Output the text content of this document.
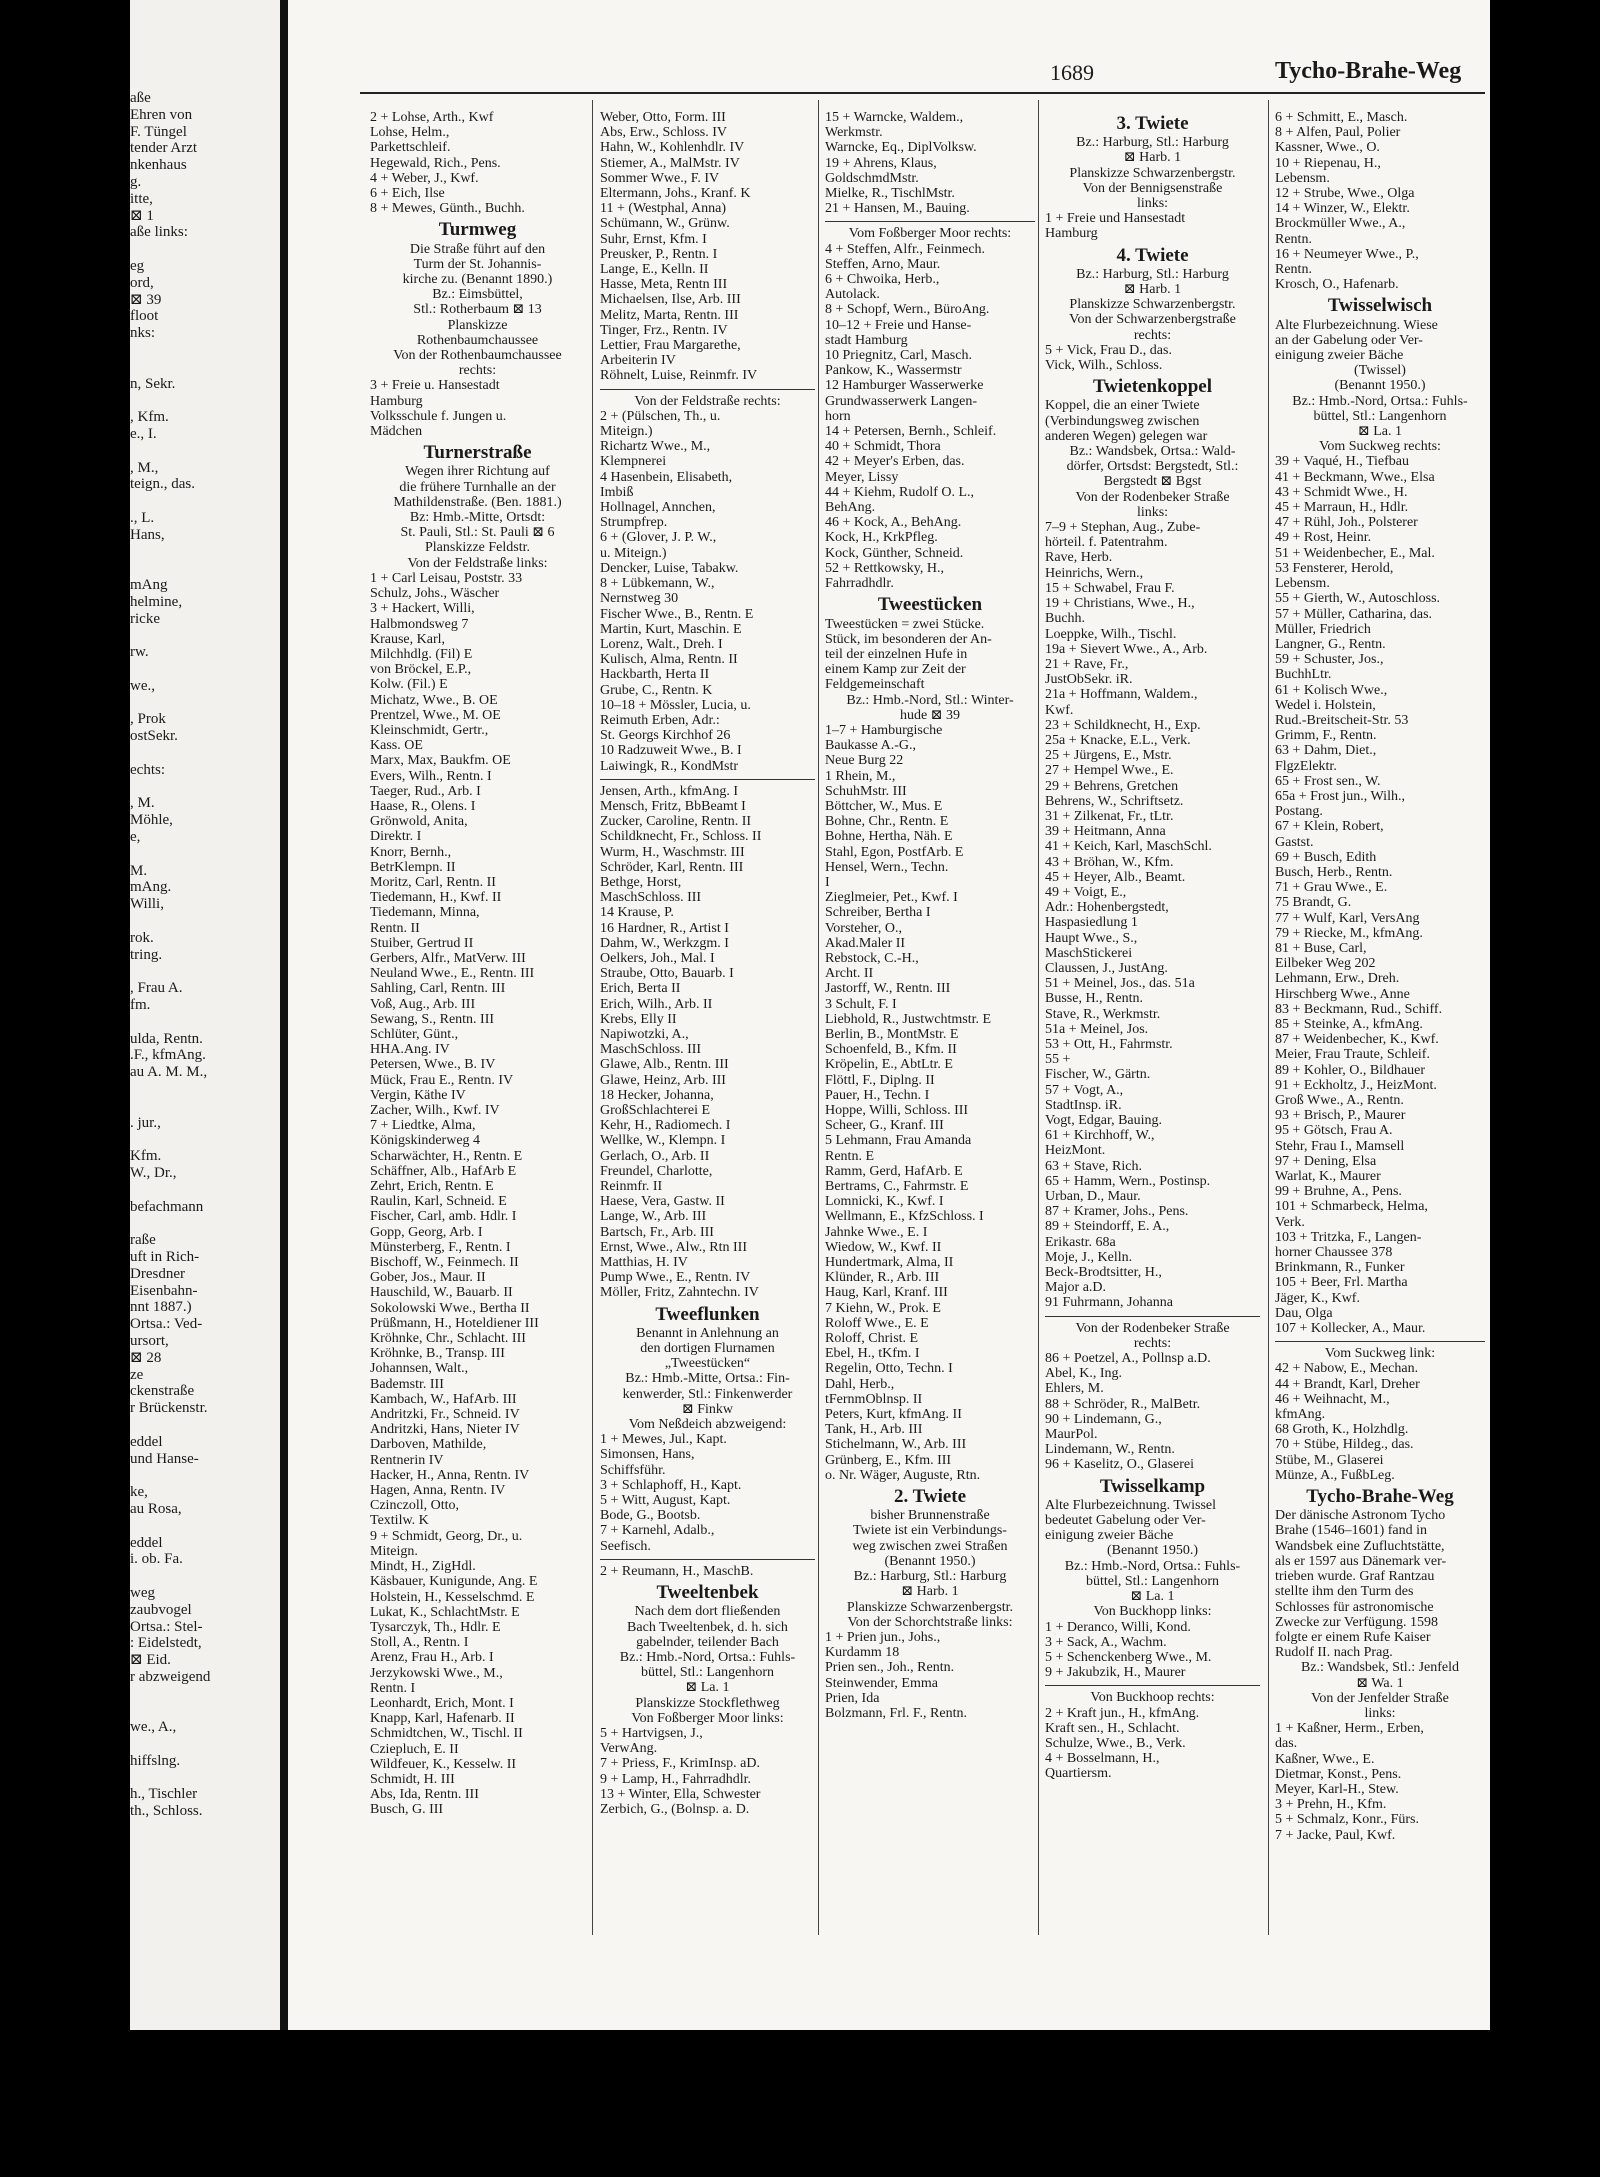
aße
Ehren von
F. Tüngel
tender Arzt
nkenhaus
g.
itte,
⊠ 1
aße links:

eg
ord,
⊠ 39
floot
nks:

n, Sekr.

, Kfm.
e., I.

, M.,
teign., das.

., L.
Hans,

mAng
helmine,
ricke

rw.

we.,

, Prok
ostSekr.

echts:

, M.
Möhle,
e,

M.
mAng.
Willi,

rok.
tring.

, Frau A.
fm.

ulda, Rentn.
.F., kfmAng.
au A. M. M.,

. jur.,

Kfm.
W., Dr.,

befachmann

raße
uft in Rich-
Dresdner
Eisenbahn-
nnt 1887.)
Ortsa.: Ved-
ursort,
⊠ 28
ze
ckenstraße
r Brückenstr.

eddel
und Hanse-

ke,
au Rosa,

eddel
i. ob. Fa.

weg
zaubvogel
Ortsa.: Stel-
: Eidelstedt,
⊠ Eid.
r abzweigend

we., A.,

hiffslng.

h., Tischler
th., Schloss.
1689	Tycho-Brahe-Weg
2 + Lohse, Arth., Kwf
Lohse, Helm.,
Parkettschleif.
Hegewald, Rich., Pens.
4 + Weber, J., Kwf.
6 + Eich, Ilse
8 + Mewes, Günth., Buchh.
Turmweg
Die Straße führt auf den
Turm der St. Johannis-
kirche zu. (Benannt 1890.)
Bz.: Eimsbüttel,
Stl.: Rotherbaum ⊠ 13
Planskizze
Rothenbaumchaussee
Von der Rothenbaumchaussee
rechts:
3 + Freie u. Hansestadt
Hamburg
Volksschule f. Jungen u.
Mädchen
Turnerstraße
Wegen ihrer Richtung auf
die frühere Turnhalle an der
Mathildenstraße. (Ben. 1881.)
Bz: Hmb.-Mitte, Ortsdt:
St. Pauli, Stl.: St. Pauli ⊠ 6
Planskizze Feldstr.
Von der Feldstraße links:
1 + Carl Leisau, Poststr. 33
Schulz, Johs., Wäscher
3 + Hackert, Willi,
Halbmondsweg 7
Krause, Karl,
Milchhdlg. (Fil) E
von Bröckel, E.P.,
Kolw. (Fil.) E
Michatz, Wwe., B. OE
Prentzel, Wwe., M. OE
Kleinschmidt, Gertr.,
Kass. OE
Marx, Max, Baukfm. OE
Evers, Wilh., Rentn. I
Taeger, Rud., Arb. I
Haase, R., Olens. I
Grönwold, Anita,
Direktr. I
Knorr, Bernh.,
BetrKlempn. II
Moritz, Carl, Rentn. II
Tiedemann, H., Kwf. II
Tiedemann, Minna,
Rentn. II
Stuiber, Gertrud II
Gerbers, Alfr., MatVerw. III
Neuland Wwe., E., Rentn. III
Sahling, Carl, Rentn. III
Voß, Aug., Arb. III
Sewang, S., Rentn. III
Schlüter, Günt.,
HHA.Ang. IV
Petersen, Wwe., B. IV
Mück, Frau E., Rentn. IV
Vergin, Käthe IV
Zacher, Wilh., Kwf. IV
7 + Liedtke, Alma,
Königskinderweg 4
Scharwächter, H., Rentn. E
Schäffner, Alb., HafArb E
Zehrt, Erich, Rentn. E
Raulin, Karl, Schneid. E
Fischer, Carl, amb. Hdlr. I
Gopp, Georg, Arb. I
Münsterberg, F., Rentn. I
Bischoff, W., Feinmech. II
Gober, Jos., Maur. II
Hauschild, W., Bauarb. II
Sokolowski Wwe., Bertha II
Prüßmann, H., Hoteldiener III
Kröhnke, Chr., Schlacht. III
Kröhnke, B., Transp. III
Johannsen, Walt.,
Bademstr. III
Kambach, W., HafArb. III
Andritzki, Fr., Schneid. IV
Andritzki, Hans, Nieter IV
Darboven, Mathilde,
Rentnerin IV
Hacker, H., Anna, Rentn. IV
Hagen, Anna, Rentn. IV
Czinczoll, Otto,
Textilw. K
9 + Schmidt, Georg, Dr., u.
Miteign.
Mindt, H., ZigHdl.
Käsbauer, Kunigunde, Ang. E
Holstein, H., Kesselschmd. E
Lukat, K., SchlachtMstr. E
Tysarczyk, Th., Hdlr. E
Stoll, A., Rentn. I
Arenz, Frau H., Arb. I
Jerzykowski Wwe., M.,
Rentn. I
Leonhardt, Erich, Mont. I
Knapp, Karl, Hafenarb. II
Schmidtchen, W., Tischl. II
Cziepluch, E. II
Wildfeuer, K., Kesselw. II
Schmidt, H. III
Abs, Ida, Rentn. III
Busch, G. III
Weber, Otto, Form. III
Abs, Erw., Schloss. IV
Hahn, W., Kohlenhdlr. IV
Stiemer, A., MalMstr. IV
Sommer Wwe., F. IV
Eltermann, Johs., Kranf. K
11 + (Westphal, Anna)
Schümann, W., Grünw.
Suhr, Ernst, Kfm. I
Preusker, P., Rentn. I
Lange, E., Kelln. II
Hasse, Meta, Rentn III
Michaelsen, Ilse, Arb. III
Melitz, Marta, Rentn. III
Tinger, Frz., Rentn. IV
Lettier, Frau Margarethe,
Arbeiterin IV
Röhnelt, Luise, Reinmfr. IV
Von der Feldstraße rechts:
2 + (Pülschen, Th., u.
Miteign.)
Richartz Wwe., M.,
Klempnerei
4 Hasenbein, Elisabeth,
Imbiß
Hollnagel, Annchen,
Strumpfrep.
6 + (Glover, J. P. W.,
u. Miteign.)
Dencker, Luise, Tabakw.
8 + Lübkemann, W.,
Nernstweg 30
Fischer Wwe., B., Rentn. E
Martin, Kurt, Maschin. E
Lorenz, Walt., Dreh. I
Kulisch, Alma, Rentn. II
Hackbarth, Herta II
Grube, C., Rentn. K
10–18 + Mössler, Lucia, u.
Reimuth Erben, Adr.:
St. Georgs Kirchhof 26
10 Radzuweit Wwe., B. I
Laiwingk, R., KondMstr
Jensen, Arth., kfmAng. I
Mensch, Fritz, BbBeamt I
Zucker, Caroline, Rentn. II
Schildknecht, Fr., Schloss. II
Wurm, H., Waschmstr. III
Schröder, Karl, Rentn. III
Bethge, Horst,
MaschSchloss. III
14 Krause, P.
16 Hardner, R., Artist I
Dahm, W., Werkzgm. I
Oelkers, Joh., Mal. I
Straube, Otto, Bauarb. I
Erich, Berta II
Erich, Wilh., Arb. II
Krebs, Elly II
Napiwotzki, A.,
MaschSchloss. III
Glawe, Alb., Rentn. III
Glawe, Heinz, Arb. III
18 Hecker, Johanna,
GroßSchlachterei E
Kehr, H., Radiomech. I
Wellke, W., Klempn. I
Gerlach, O., Arb. II
Freundel, Charlotte,
Reinmfr. II
Haese, Vera, Gastw. II
Lange, W., Arb. III
Bartsch, Fr., Arb. III
Ernst, Wwe., Alw., Rtn III
Matthias, H. IV
Pump Wwe., E., Rentn. IV
Möller, Fritz, Zahntechn. IV
Tweeflunken
Benannt in Anlehnung an
den dortigen Flurnamen
„Tweestücken“
Bz.: Hmb.-Mitte, Ortsa.: Fin-
kenwerder, Stl.: Finkenwerder
⊠ Finkw
Vom Neßdeich abzweigend:
1 + Mewes, Jul., Kapt.
Simonsen, Hans,
Schiffsführ.
3 + Schlaphoff, H., Kapt.
5 + Witt, August, Kapt.
Bode, G., Bootsb.
7 + Karnehl, Adalb.,
Seefisch.
2 + Reumann, H., MaschB.
Tweeltenbek
Nach dem dort fließenden
Bach Tweeltenbek, d. h. sich
gabelnder, teilender Bach
Bz.: Hmb.-Nord, Ortsa.: Fuhls-
büttel, Stl.: Langenhorn
⊠ La. 1
Planskizze Stockflethweg
Von Foßberger Moor links:
5 + Hartvigsen, J.,
VerwAng.
7 + Priess, F., KrimInsp. aD.
9 + Lamp, H., Fahrradhdlr.
13 + Winter, Ella, Schwester
Zerbich, G., (Bolnsp. a. D.
15 + Warncke, Waldem.,
Werkmstr.
Warncke, Eq., DiplVolksw.
19 + Ahrens, Klaus,
GoldschmdMstr.
Mielke, R., TischlMstr.
21 + Hansen, M., Bauing.
Vom Foßberger Moor rechts:
4 + Steffen, Alfr., Feinmech.
Steffen, Arno, Maur.
6 + Chwoika, Herb.,
Autolack.
8 + Schopf, Wern., BüroAng.
10–12 + Freie und Hanse-
stadt Hamburg
10 Priegnitz, Carl, Masch.
Pankow, K., Wassermstr
12 Hamburger Wasserwerke
Grundwasserwerk Langen-
horn
14 + Petersen, Bernh., Schleif.
40 + Schmidt, Thora
42 + Meyer's Erben, das.
Meyer, Lissy
44 + Kiehm, Rudolf O. L.,
BehAng.
46 + Kock, A., BehAng.
Kock, H., KrkPfleg.
Kock, Günther, Schneid.
52 + Rettkowsky, H.,
Fahrradhdlr.
Tweestücken
Tweestücken = zwei Stücke.
Stück, im besonderen der An-
teil der einzelnen Hufe in
einem Kamp zur Zeit der
Feldgemeinschaft
Bz.: Hmb.-Nord, Stl.: Winter-
hude ⊠ 39
1–7 + Hamburgische
Baukasse A.-G.,
Neue Burg 22
1 Rhein, M.,
SchuhMstr. III
Böttcher, W., Mus. E
Bohne, Chr., Rentn. E
Bohne, Hertha, Näh. E
Stahl, Egon, PostfArb. E
Hensel, Wern., Techn.
I
Zieglmeier, Pet., Kwf. I
Schreiber, Bertha I
Vorsteher, O.,
Akad.Maler II
Rebstock, C.-H.,
Archt. II
Jastorff, W., Rentn. III
3 Schult, F. I
Liebhold, R., Justwchtmstr. E
Berlin, B., MontMstr. E
Schoenfeld, B., Kfm. II
Kröpelin, E., AbtLtr. E
Flöttl, F., Diplng. II
Pauer, H., Techn. I
Hoppe, Willi, Schloss. III
Scheer, G., Kranf. III
5 Lehmann, Frau Amanda
Rentn. E
Ramm, Gerd, HafArb. E
Bertrams, C., Fahrmstr. E
Lomnicki, K., Kwf. I
Wellmann, E., KfzSchloss. I
Jahnke Wwe., E. I
Wiedow, W., Kwf. II
Hundertmark, Alma, II
Klünder, R., Arb. III
Haug, Karl, Kranf. III
7 Kiehn, W., Prok. E
Roloff Wwe., E. E
Roloff, Christ. E
Ebel, H., tKfm. I
Regelin, Otto, Techn. I
Dahl, Herb.,
tFernmOblnsp. II
Peters, Kurt, kfmAng. II
Tank, H., Arb. III
Stichelmann, W., Arb. III
Grünberg, E., Kfm. III
o. Nr. Wäger, Auguste, Rtn.
2. Twiete
bisher Brunnenstraße
Twiete ist ein Verbindungs-
weg zwischen zwei Straßen
(Benannt 1950.)
Bz.: Harburg, Stl.: Harburg
⊠ Harb. 1
Planskizze Schwarzenbergstr.
Von der Schorchtstraße links:
1 + Prien jun., Johs.,
Kurdamm 18
Prien sen., Joh., Rentn.
Steinwender, Emma
Prien, Ida
Bolzmann, Frl. F., Rentn.
3. Twiete
Bz.: Harburg, Stl.: Harburg
⊠ Harb. 1
Planskizze Schwarzenbergstr.
Von der Bennigsenstraße
links:
1 + Freie und Hansestadt
Hamburg
4. Twiete
Bz.: Harburg, Stl.: Harburg
⊠ Harb. 1
Planskizze Schwarzenbergstr.
Von der Schwarzenbergstraße
rechts:
5 + Vick, Frau D., das.
Vick, Wilh., Schloss.
Twietenkoppel
Koppel, die an einer Twiete
(Verbindungsweg zwischen
anderen Wegen) gelegen war
Bz.: Wandsbek, Ortsa.: Wald-
dörfer, Ortsdst: Bergstedt, Stl.:
Bergstedt ⊠ Bgst
Von der Rodenbeker Straße
links:
7–9 + Stephan, Aug., Zube-
hörteil. f. Patentrahm.
Rave, Herb.
Heinrichs, Wern.,
15 + Schwabel, Frau F.
19 + Christians, Wwe., H.,
Buchh.
Loeppke, Wilh., Tischl.
19a + Sievert Wwe., A., Arb.
21 + Rave, Fr.,
JustObSekr. iR.
21a + Hoffmann, Waldem.,
Kwf.
23 + Schildknecht, H., Exp.
25a + Knacke, E.L., Verk.
25 + Jürgens, E., Mstr.
27 + Hempel Wwe., E.
29 + Behrens, Gretchen
Behrens, W., Schriftsetz.
31 + Zilkenat, Fr., tLtr.
39 + Heitmann, Anna
41 + Keich, Karl, MaschSchl.
43 + Bröhan, W., Kfm.
45 + Heyer, Alb., Beamt.
49 + Voigt, E.,
Adr.: Hohenbergstedt,
Haspasiedlung 1
Haupt Wwe., S.,
MaschStickerei
Claussen, J., JustAng.
51 + Meinel, Jos., das. 51a
Busse, H., Rentn.
Stave, R., Werkmstr.
51a + Meinel, Jos.
53 + Ott, H., Fahrmstr.
55 +
Fischer, W., Gärtn.
57 + Vogt, A.,
StadtInsp. iR.
Vogt, Edgar, Bauing.
61 + Kirchhoff, W.,
HeizMont.
63 + Stave, Rich.
65 + Hamm, Wern., Postinsp.
Urban, D., Maur.
87 + Kramer, Johs., Pens.
89 + Steindorff, E. A.,
Erikastr. 68a
Moje, J., Kelln.
Beck-Brodtsitter, H.,
Major a.D.
91 Fuhrmann, Johanna
Von der Rodenbeker Straße
rechts:
86 + Poetzel, A., Pollnsp a.D.
Abel, K., Ing.
Ehlers, M.
88 + Schröder, R., MalBetr.
90 + Lindemann, G.,
MaurPol.
Lindemann, W., Rentn.
96 + Kaselitz, O., Glaserei
Twisselkamp
Alte Flurbezeichnung. Twissel
bedeutet Gabelung oder Ver-
einigung zweier Bäche
(Benannt 1950.)
Bz.: Hmb.-Nord, Ortsa.: Fuhls-
büttel, Stl.: Langenhorn
⊠ La. 1
Von Buckhopp links:
1 + Deranco, Willi, Kond.
3 + Sack, A., Wachm.
5 + Schenckenberg Wwe., M.
9 + Jakubzik, H., Maurer
Von Buckhoop rechts:
2 + Kraft jun., H., kfmAng.
Kraft sen., H., Schlacht.
Schulze, Wwe., B., Verk.
4 + Bosselmann, H.,
Quartiersm.
6 + Schmitt, E., Masch.
8 + Alfen, Paul, Polier
Kassner, Wwe., O.
10 + Riepenau, H.,
Lebensm.
12 + Strube, Wwe., Olga
14 + Winzer, W., Elektr.
Brockmüller Wwe., A.,
Rentn.
16 + Neumeyer Wwe., P.,
Rentn.
Krosch, O., Hafenarb.
Twisselwisch
Alte Flurbezeichnung. Wiese
an der Gabelung oder Ver-
einigung zweier Bäche
(Twissel)
(Benannt 1950.)
Bz.: Hmb.-Nord, Ortsa.: Fuhls-
büttel, Stl.: Langenhorn
⊠ La. 1
Vom Suckweg rechts:
39 + Vaqué, H., Tiefbau
41 + Beckmann, Wwe., Elsa
43 + Schmidt Wwe., H.
45 + Marraun, H., Hdlr.
47 + Rühl, Joh., Polsterer
49 + Rost, Heinr.
51 + Weidenbecher, E., Mal.
53 Fensterer, Herold,
Lebensm.
55 + Gierth, W., Autoschloss.
57 + Müller, Catharina, das.
Müller, Friedrich
Langner, G., Rentn.
59 + Schuster, Jos.,
BuchhLtr.
61 + Kolisch Wwe.,
Wedel i. Holstein,
Rud.-Breitscheit-Str. 53
Grimm, F., Rentn.
63 + Dahm, Diet.,
FlgzElektr.
65 + Frost sen., W.
65a + Frost jun., Wilh.,
Postang.
67 + Klein, Robert,
Gastst.
69 + Busch, Edith
Busch, Herb., Rentn.
71 + Grau Wwe., E.
75 Brandt, G.
77 + Wulf, Karl, VersAng
79 + Riecke, M., kfmAng.
81 + Buse, Carl,
Eilbeker Weg 202
Lehmann, Erw., Dreh.
Hirschberg Wwe., Anne
83 + Beckmann, Rud., Schiff.
85 + Steinke, A., kfmAng.
87 + Weidenbecher, K., Kwf.
Meier, Frau Traute, Schleif.
89 + Kohler, O., Bildhauer
91 + Eckholtz, J., HeizMont.
Groß Wwe., A., Rentn.
93 + Brisch, P., Maurer
95 + Götsch, Frau A.
Stehr, Frau I., Mamsell
97 + Dening, Elsa
Warlat, K., Maurer
99 + Bruhne, A., Pens.
101 + Schmarbeck, Helma,
Verk.
103 + Tritzka, F., Langen-
horner Chaussee 378
Brinkmann, R., Funker
105 + Beer, Frl. Martha
Jäger, K., Kwf.
Dau, Olga
107 + Kollecker, A., Maur.
Vom Suckweg link:
42 + Nabow, E., Mechan.
44 + Brandt, Karl, Dreher
46 + Weihnacht, M.,
kfmAng.
68 Groth, K., Holzhdlg.
70 + Stübe, Hildeg., das.
Stübe, M., Glaserei
Münze, A., FußbLeg.
Tycho-Brahe-Weg
Der dänische Astronom Tycho
Brahe (1546–1601) fand in
Wandsbek eine Zufluchtstätte,
als er 1597 aus Dänemark ver-
trieben wurde. Graf Rantzau
stellte ihm den Turm des
Schlosses für astronomische
Zwecke zur Verfügung. 1598
folgte er einem Rufe Kaiser
Rudolf II. nach Prag.
Bz.: Wandsbek, Stl.: Jenfeld
⊠ Wa. 1
Von der Jenfelder Straße
links:
1 + Kaßner, Herm., Erben,
das.
Kaßner, Wwe., E.
Dietmar, Konst., Pens.
Meyer, Karl-H., Stew.
3 + Prehn, H., Kfm.
5 + Schmalz, Konr., Fürs.
7 + Jacke, Paul, Kwf.
